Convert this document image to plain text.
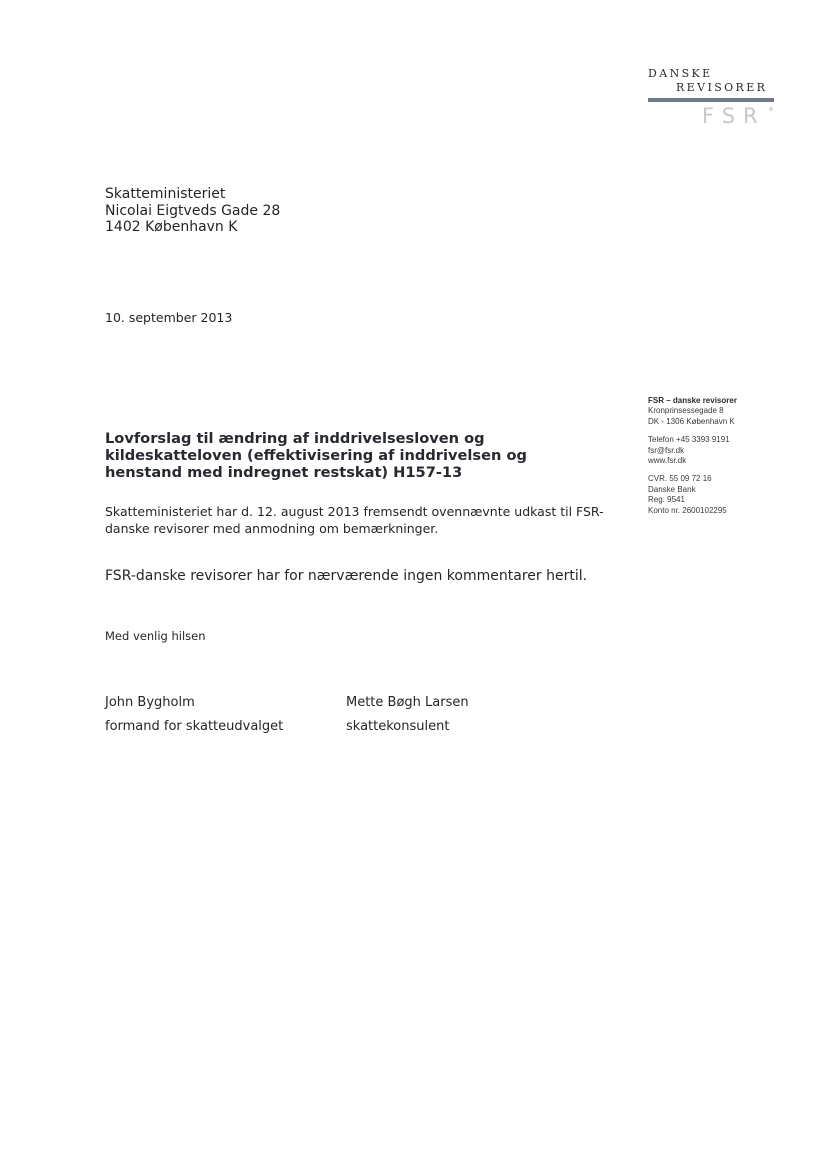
DANSKE
REVISORER
FSR *
Skatteministeriet
Nicolai Eigtveds Gade 28
1402 København K
10. september 2013
FSR – danske revisorer
Kronprinsessegade 8
DK - 1306 København K
Telefon +45 3393 9191
fsr@fsr.dk
www.fsr.dk
CVR. 55 09 72 16
Danske Bank
Reg. 9541
Konto nr. 2600102295
Lovforslag til ændring af inddrivelsesloven og
kildeskatteloven (effektivisering af inddrivelsen og
henstand med indregnet restskat) H157-13
Skatteministeriet har d. 12. august 2013 fremsendt ovennævnte udkast til FSR-
danske revisorer med anmodning om bemærkninger.
FSR-danske revisorer har for nærværende ingen kommentarer hertil.
Med venlig hilsen
John Bygholm
formand for skatteudvalget
Mette Bøgh Larsen
skattekonsulent
